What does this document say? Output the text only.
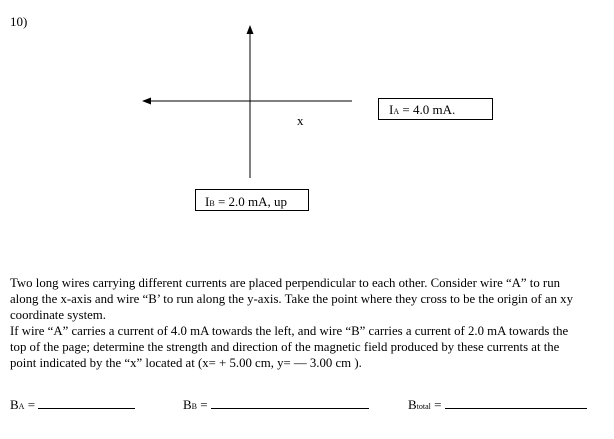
10)
x
IA = 4.0 mA.
IB = 2.0 mA, up

Two long wires carrying different currents are placed perpendicular to each other. Consider wire “A” to run

along the x-axis and wire “B’ to run along the y-axis. Take the point where they cross to be the origin of an xy

coordinate system.

If wire “A” carries a current of 4.0 mA towards the left, and wire “B” carries a current of 2.0 mA towards the

top of the page; determine the strength and direction of the magnetic field produced by these currents at the

point indicated by the “x” located at (x= + 5.00 cm, y= — 3.00 cm ).

BA =	BB =	Btotal =
